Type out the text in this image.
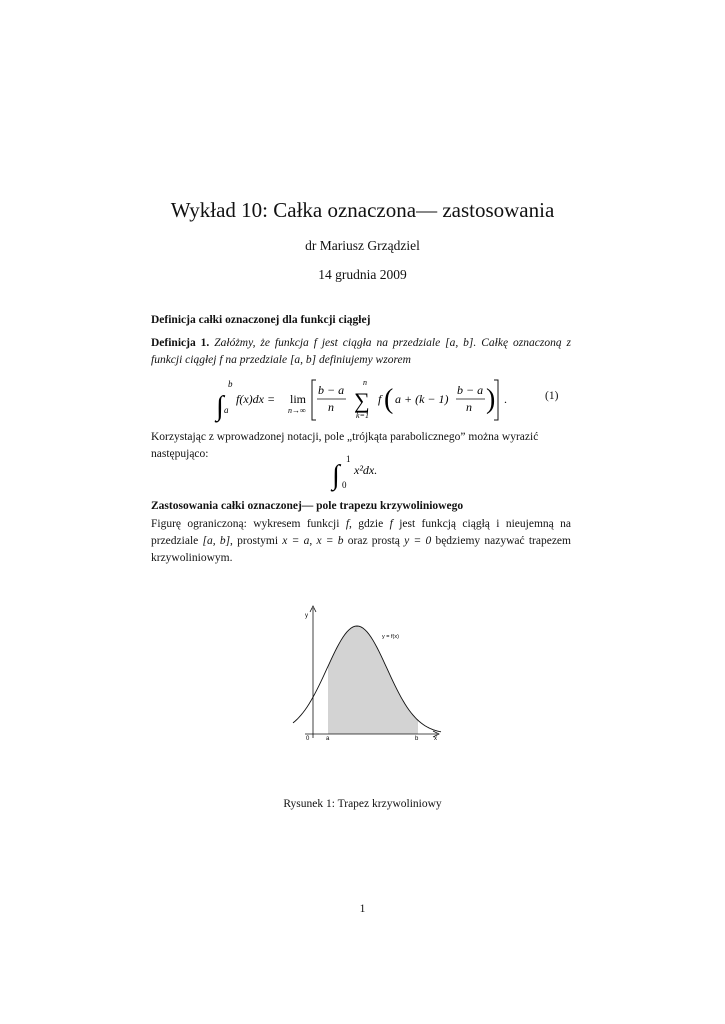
Wykład 10: Całka oznaczona— zastosowania
dr Mariusz Grządziel
14 grudnia 2009
Definicja całki oznaczonej dla funkcji ciągłej
Definicja 1. Załóżmy, że funkcja f jest ciągła na przedziale [a, b]. Całkę oznaczoną z funkcji ciągłej f na przedziale [a, b] definiujemy wzorem
∫
b
a
f(x)dx = lim
n→∞
b − a
n
n
∑
k=1
f ( a + (k − 1)
b − a
n ) .	(1)
Korzystając z wprowadzonej notacji, pole „trójkąta parabolicznego” można wyrazić
następująco:
∫
1
0
x²dx.
Zastosowania całki oznaczonej— pole trapezu krzywoliniowego
Figurę ograniczoną: wykresem funkcji f, gdzie f jest funkcją ciągłą i nieujemną na przedziale [a, b], prostymi x = a, x = b oraz prostą y = 0 będziemy nazywać trapezem krzywoliniowym.
y
x
0	a	b
y = f(x)
Rysunek 1: Trapez krzywoliniowy
1
